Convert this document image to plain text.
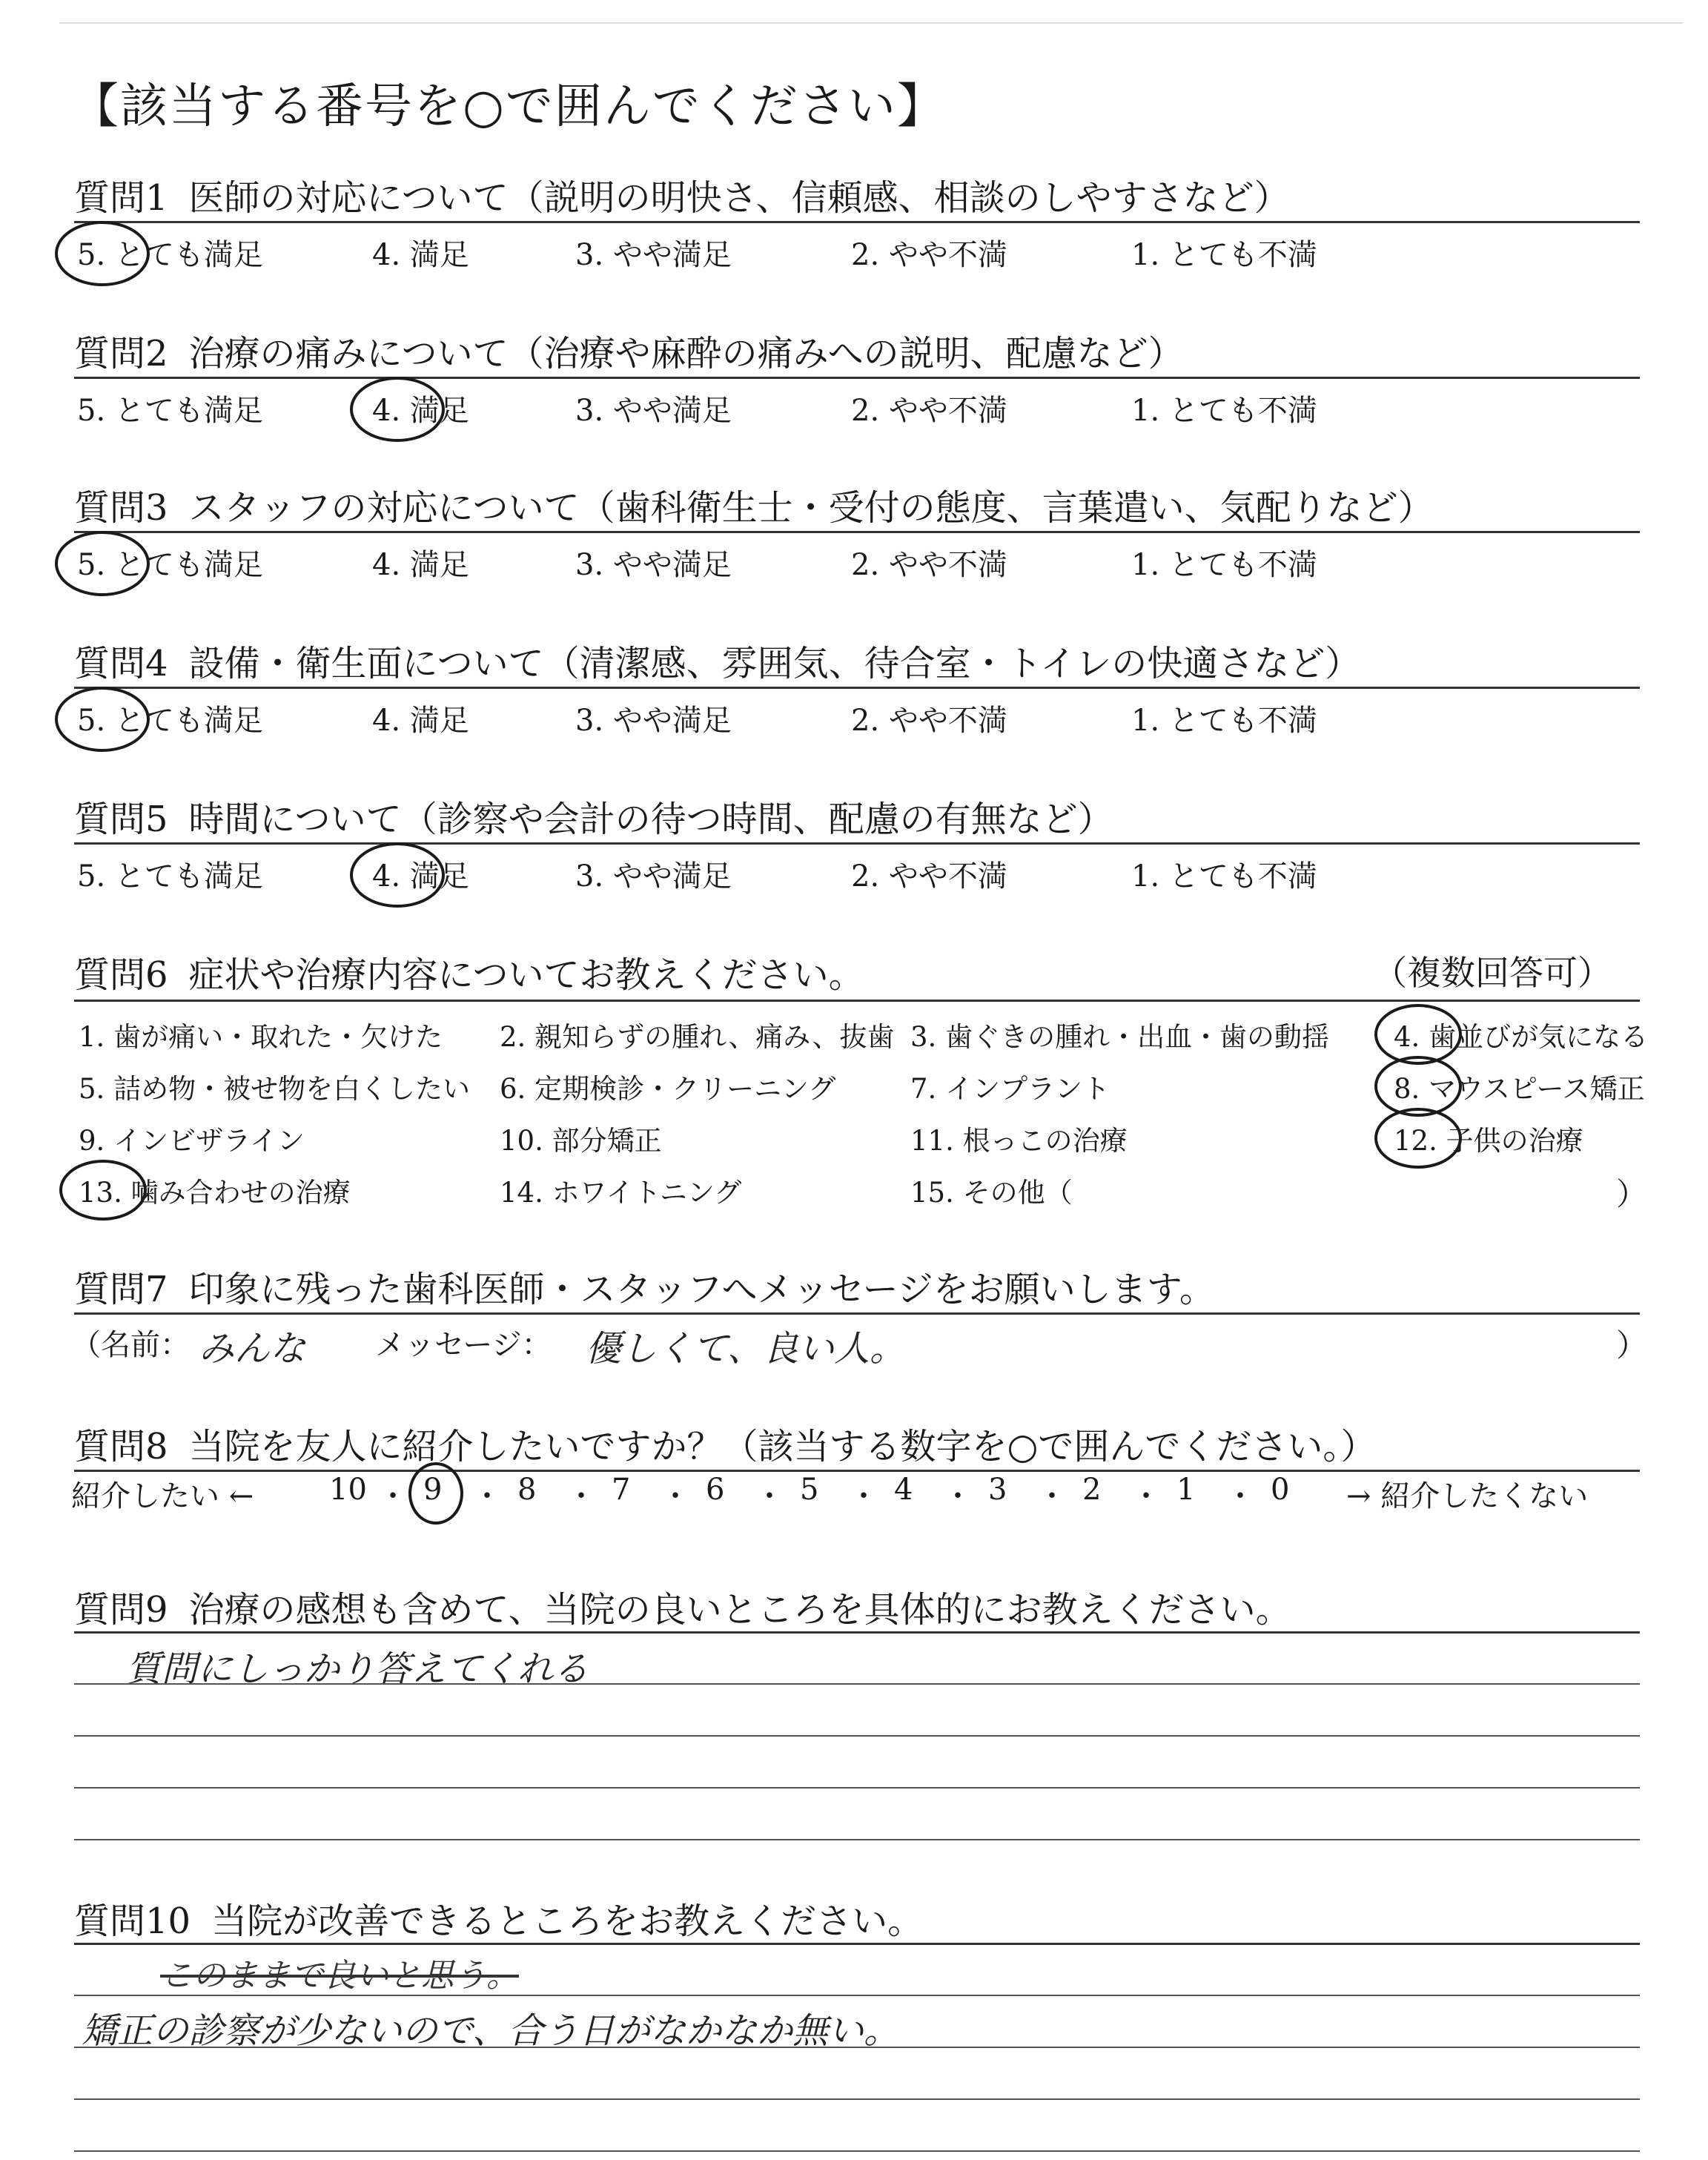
【該当する番号を○で囲んでください】
質問1 医師の対応について（説明の明快さ、信頼感、相談のしやすさなど）
5. とても満足	4. 満足	3. やや満足	2. やや不満	1. とても不満
質問2 治療の痛みについて（治療や麻酔の痛みへの説明、配慮など）
5. とても満足	4. 満足	3. やや満足	2. やや不満	1. とても不満
質問3 スタッフの対応について（歯科衛生士・受付の態度、言葉遣い、気配りなど）
5. とても満足	4. 満足	3. やや満足	2. やや不満	1. とても不満
質問4 設備・衛生面について（清潔感、雰囲気、待合室・トイレの快適さなど）
5. とても満足	4. 満足	3. やや満足	2. やや不満	1. とても不満
質問5 時間について（診察や会計の待つ時間、配慮の有無など）
5. とても満足	4. 満足	3. やや満足	2. やや不満	1. とても不満
質問6 症状や治療内容についてお教えください。	（複数回答可）
1. 歯が痛い・取れた・欠けた 2. 親知らずの腫れ、痛み、抜歯 3. 歯ぐきの腫れ・出血・歯の動揺 4. 歯並びが気になる
5. 詰め物・被せ物を白くしたい 6. 定期検診・クリーニング	7. インプラント	8. マウスピース矯正
9. インビザライン	10. 部分矯正	11. 根っこの治療	12. 子供の治療
13. 噛み合わせの治療	14. ホワイトニング	15. その他（	）
質問7 印象に残った歯科医師・スタッフへメッセージをお願いします。
（名前： みんな メッセージ： 優しくて、良い人。	）
質問8 当院を友人に紹介したいですか？（該当する数字を○で囲んでください。）
紹介したい ←	→ 紹介したくない
10 ・ 9 ・ 8 ・ 7 ・ 6 ・ 5 ・ 4 ・ 3 ・ 2 ・ 1 ・ 0
質問9 治療の感想も含めて、当院の良いところを具体的にお教えください。
質問にしっかり答えてくれる
質問10 当院が改善できるところをお教えください。
このままで良いと思う。
矯正の診察が少ないので、合う日がなかなか無い。
